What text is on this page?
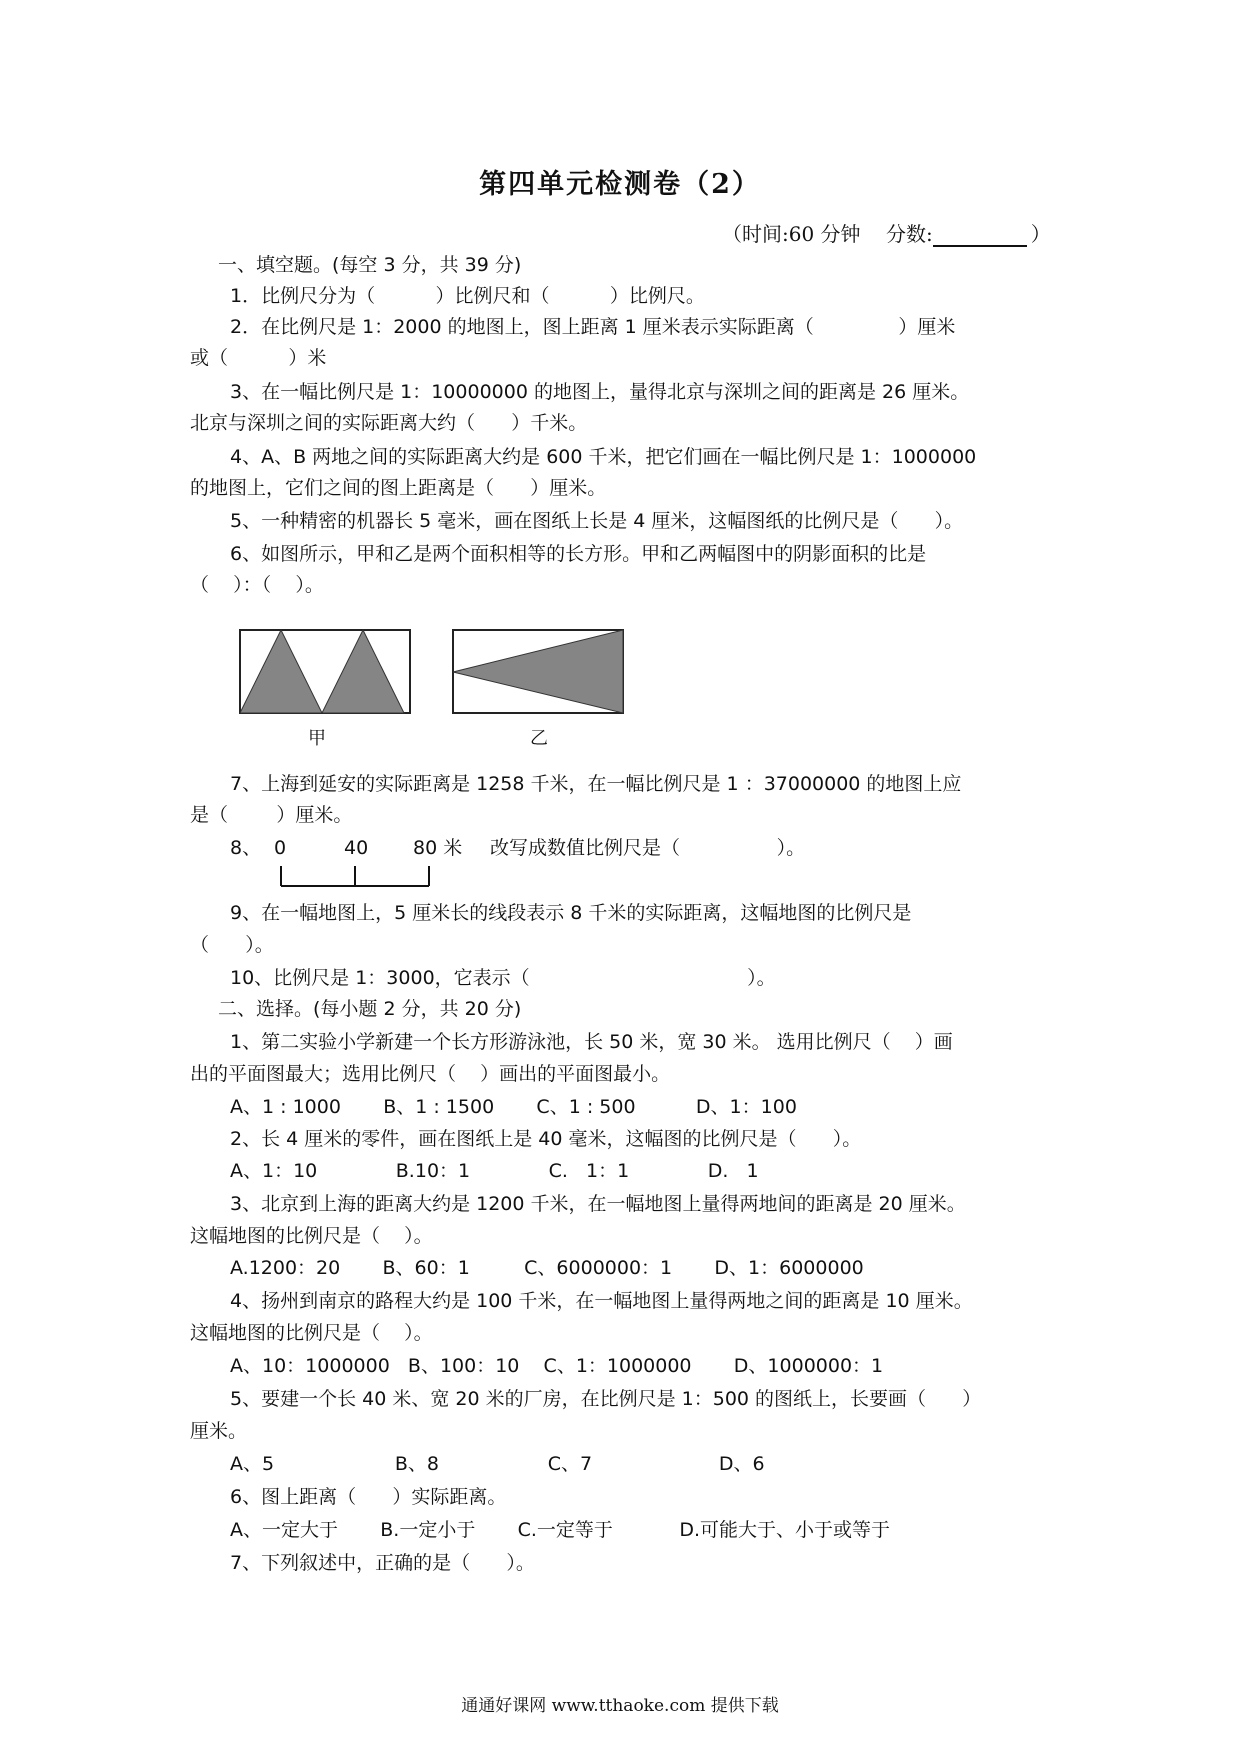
第四单元检测卷（2）
（时间:60 分钟 分数:	）
一、填空题。(每空 3 分，共 39 分)
1．比例尺分为（          ）比例尺和（          ）比例尺。
2．在比例尺是 1：2000 的地图上，图上距离 1 厘米表示实际距离（              ）厘米
或（          ）米
3、在一幅比例尺是 1：10000000 的地图上，量得北京与深圳之间的距离是 26 厘米。
北京与深圳之间的实际距离大约（      ）千米。
4、A、B 两地之间的实际距离大约是 600 千米，把它们画在一幅比例尺是 1：1000000
的地图上，它们之间的图上距离是（      ）厘米。
5、一种精密的机器长 5 毫米，画在图纸上长是 4 厘米，这幅图纸的比例尺是（      ）。
6、如图所示，甲和乙是两个面积相等的长方形。甲和乙两幅图中的阴影面积的比是
（    ）：（    ）。
甲	乙
7、上海到延安的实际距离是 1258 千米，在一幅比例尺是 1 ：37000000 的地图上应
是（        ）厘米。
8、 0	40 80 米 改写成数值比例尺是（                ）。
9、在一幅地图上，5 厘米长的线段表示 8 千米的实际距离，这幅地图的比例尺是
（      ）。
10、比例尺是 1：3000，它表示（                                    ）。
二、选择。(每小题 2 分，共 20 分)
1、第二实验小学新建一个长方形游泳池，长 50 米，宽 30 米。 选用比例尺（    ）画
出的平面图最大；选用比例尺（    ）画出的平面图最小。
A、1 : 1000       B、1 : 1500       C、1 : 500          D、1：100
2、长 4 厘米的零件，画在图纸上是 40 毫米，这幅图的比例尺是（      ）。
A、1：10             B.10：1             C.   1：1             D.   1
3、北京到上海的距离大约是 1200 千米，在一幅地图上量得两地间的距离是 20 厘米。
这幅地图的比例尺是（    ）。
A.1200：20       B、60：1         C、6000000：1       D、1：6000000
4、扬州到南京的路程大约是 100 千米，在一幅地图上量得两地之间的距离是 10 厘米。
这幅地图的比例尺是（    ）。
A、10：1000000   B、100：10    C、1：1000000       D、1000000：1
5、要建一个长 40 米、宽 20 米的厂房，在比例尺是 1：500 的图纸上，长要画（      ）
厘米。
A、5                    B、8                  C、7                     D、6
6、图上距离（      ）实际距离。
A、一定大于       B.一定小于       C.一定等于           D.可能大于、小于或等于
7、下列叙述中，正确的是（      ）。
通通好课网 www.tthaoke.com 提供下载
